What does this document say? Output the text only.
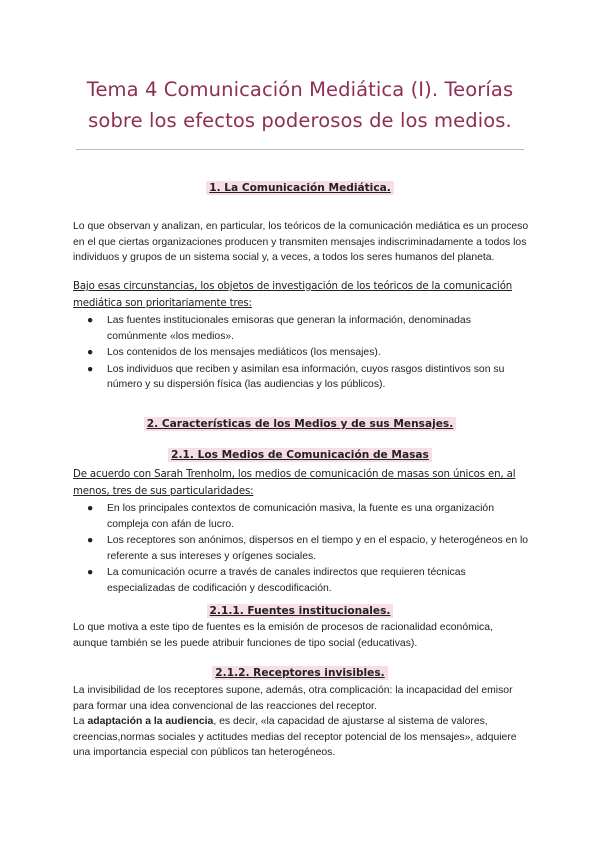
Tema 4 Comunicación Mediática (I). Teorías
sobre los efectos poderosos de los medios.
1. La Comunicación Mediática.

Lo que observan y analizan, en particular, los teóricos de la comunicación mediática es un proceso en el que ciertas organizaciones producen y transmiten mensajes indiscriminadamente a todos los individuos y grupos de un sistema social y, a veces, a todos los seres humanos del planeta.

Bajo esas circunstancias, los objetos de investigación de los teóricos de la comunicación mediática son prioritariamente tres:

● Las fuentes institucionales emisoras que generan la información, denominadas comúnmente «los medios».
● Los contenidos de los mensajes mediáticos (los mensajes).
● Los individuos que reciben y asimilan esa información, cuyos rasgos distintivos son su número y su dispersión física (las audiencias y los públicos).
2. Características de los Medios y de sus Mensajes.
2.1. Los Medios de Comunicación de Masas

De acuerdo con Sarah Trenholm, los medios de comunicación de masas son únicos en, al menos, tres de sus particularidades:

● En los principales contextos de comunicación masiva, la fuente es una organización compleja con afán de lucro.
● Los receptores son anónimos, dispersos en el tiempo y en el espacio, y heterogéneos en lo referente a sus intereses y orígenes sociales.
● La comunicación ocurre a través de canales indirectos que requieren técnicas especializadas de codificación y descodificación.
2.1.1. Fuentes institucionales.

Lo que motiva a este tipo de fuentes es la emisión de procesos de racionalidad económica, aunque también se les puede atribuir funciones de tipo social (educativas).

2.1.2. Receptores invisibles.

La invisibilidad de los receptores supone, además, otra complicación: la incapacidad del emisor para formar una idea convencional de las reacciones del receptor.

La adaptación a la audiencia, es decir, «la capacidad de ajustarse al sistema de valores, creencias,normas sociales y actitudes medias del receptor potencial de los mensajes», adquiere una importancia especial con públicos tan heterogéneos.
